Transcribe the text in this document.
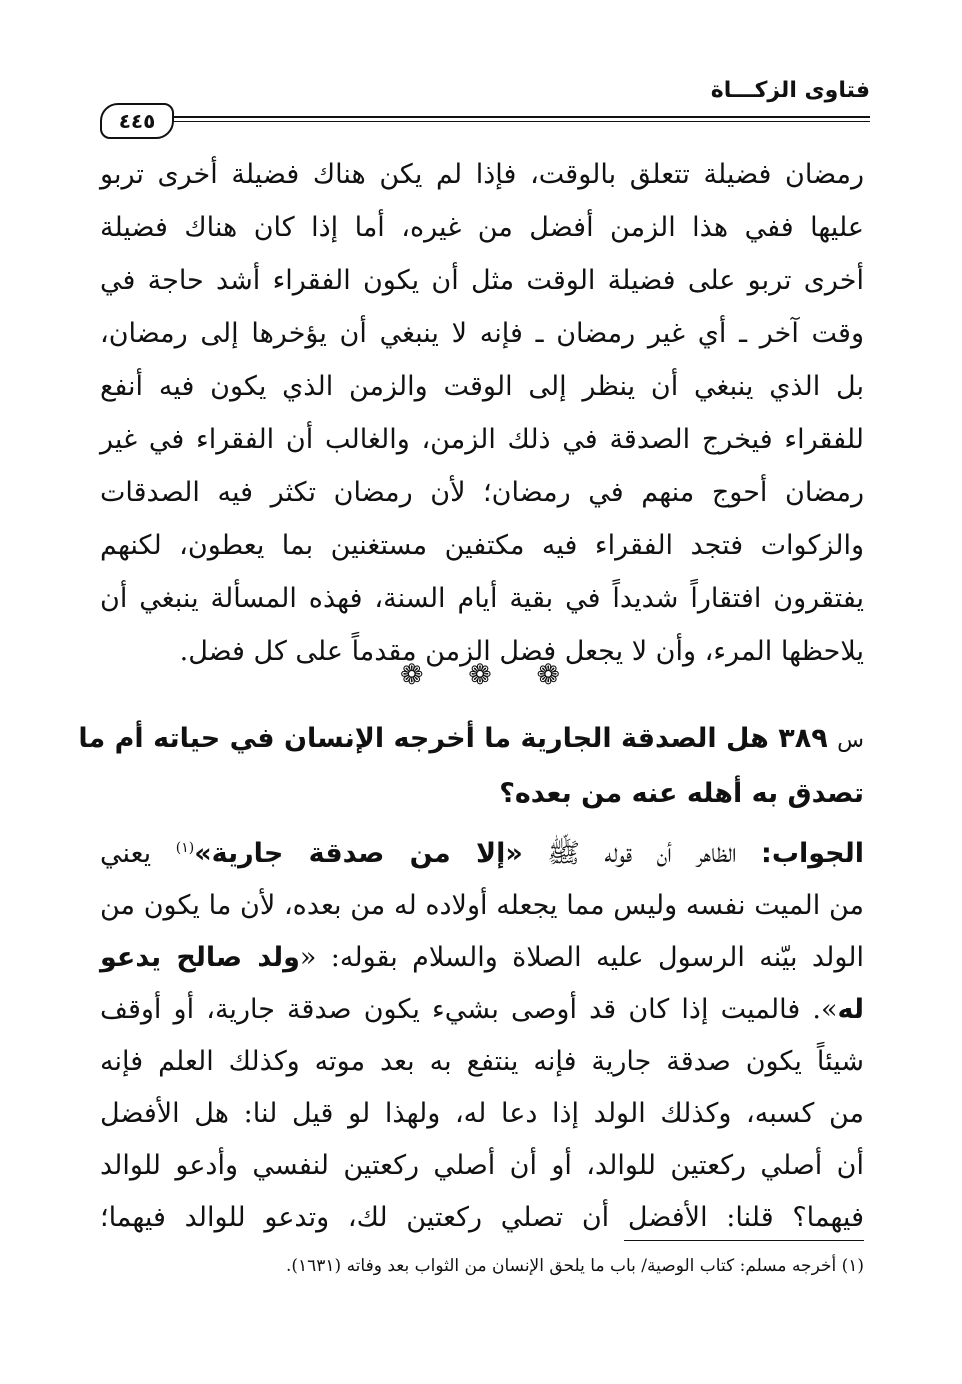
فتاوى الزكـــاة
٤٤٥

رمضان فضيلة تتعلق بالوقت، فإذا لم يكن هناك فضيلة أخرى تربو

عليها ففي هذا الزمن أفضل من غيره، أما إذا كان هناك فضيلة

أخرى تربو على فضيلة الوقت مثل أن يكون الفقراء أشد حاجة في

وقت آخر ـ أي غير رمضان ـ فإنه لا ينبغي أن يؤخرها إلى رمضان،

بل الذي ينبغي أن ينظر إلى الوقت والزمن الذي يكون فيه أنفع

للفقراء فيخرج الصدقة في ذلك الزمن، والغالب أن الفقراء في غير

رمضان أحوج منهم في رمضان؛ لأن رمضان تكثر فيه الصدقات

والزكوات فتجد الفقراء فيه مكتفين مستغنين بما يعطون، لكنهم

يفتقرون افتقاراً شديداً في بقية أيام السنة، فهذه المسألة ينبغي أن

يلاحظها المرء، وأن لا يجعل فضل الزمن مقدماً على كل فضل.

❁ ❁ ❁

س ٣٨٩ هل الصدقة الجارية ما أخرجه الإنسان في حياته أم ما

تصدق به أهله عنه من بعده؟

الجواب: الظاهر أن قوله ﷺ «إلا من صدقة جارية»$^{(١)}$ يعني

من الميت نفسه وليس مما يجعله أولاده له من بعده، لأن ما يكون من

الولد بيّنه الرسول عليه الصلاة والسلام بقوله: «ولد صالح يدعو

له». فالميت إذا كان قد أوصى بشيء يكون صدقة جارية، أو أوقف

شيئاً يكون صدقة جارية فإنه ينتفع به بعد موته وكذلك العلم فإنه

من كسبه، وكذلك الولد إذا دعا له، ولهذا لو قيل لنا: هل الأفضل

أن أصلي ركعتين للوالد، أو أن أصلي ركعتين لنفسي وأدعو للوالد

فيهما؟ قلنا: الأفضل أن تصلي ركعتين لك، وتدعو للوالد فيهما؛

(١) أخرجه مسلم: كتاب الوصية/ باب ما يلحق الإنسان من الثواب بعد وفاته (١٦٣١).
